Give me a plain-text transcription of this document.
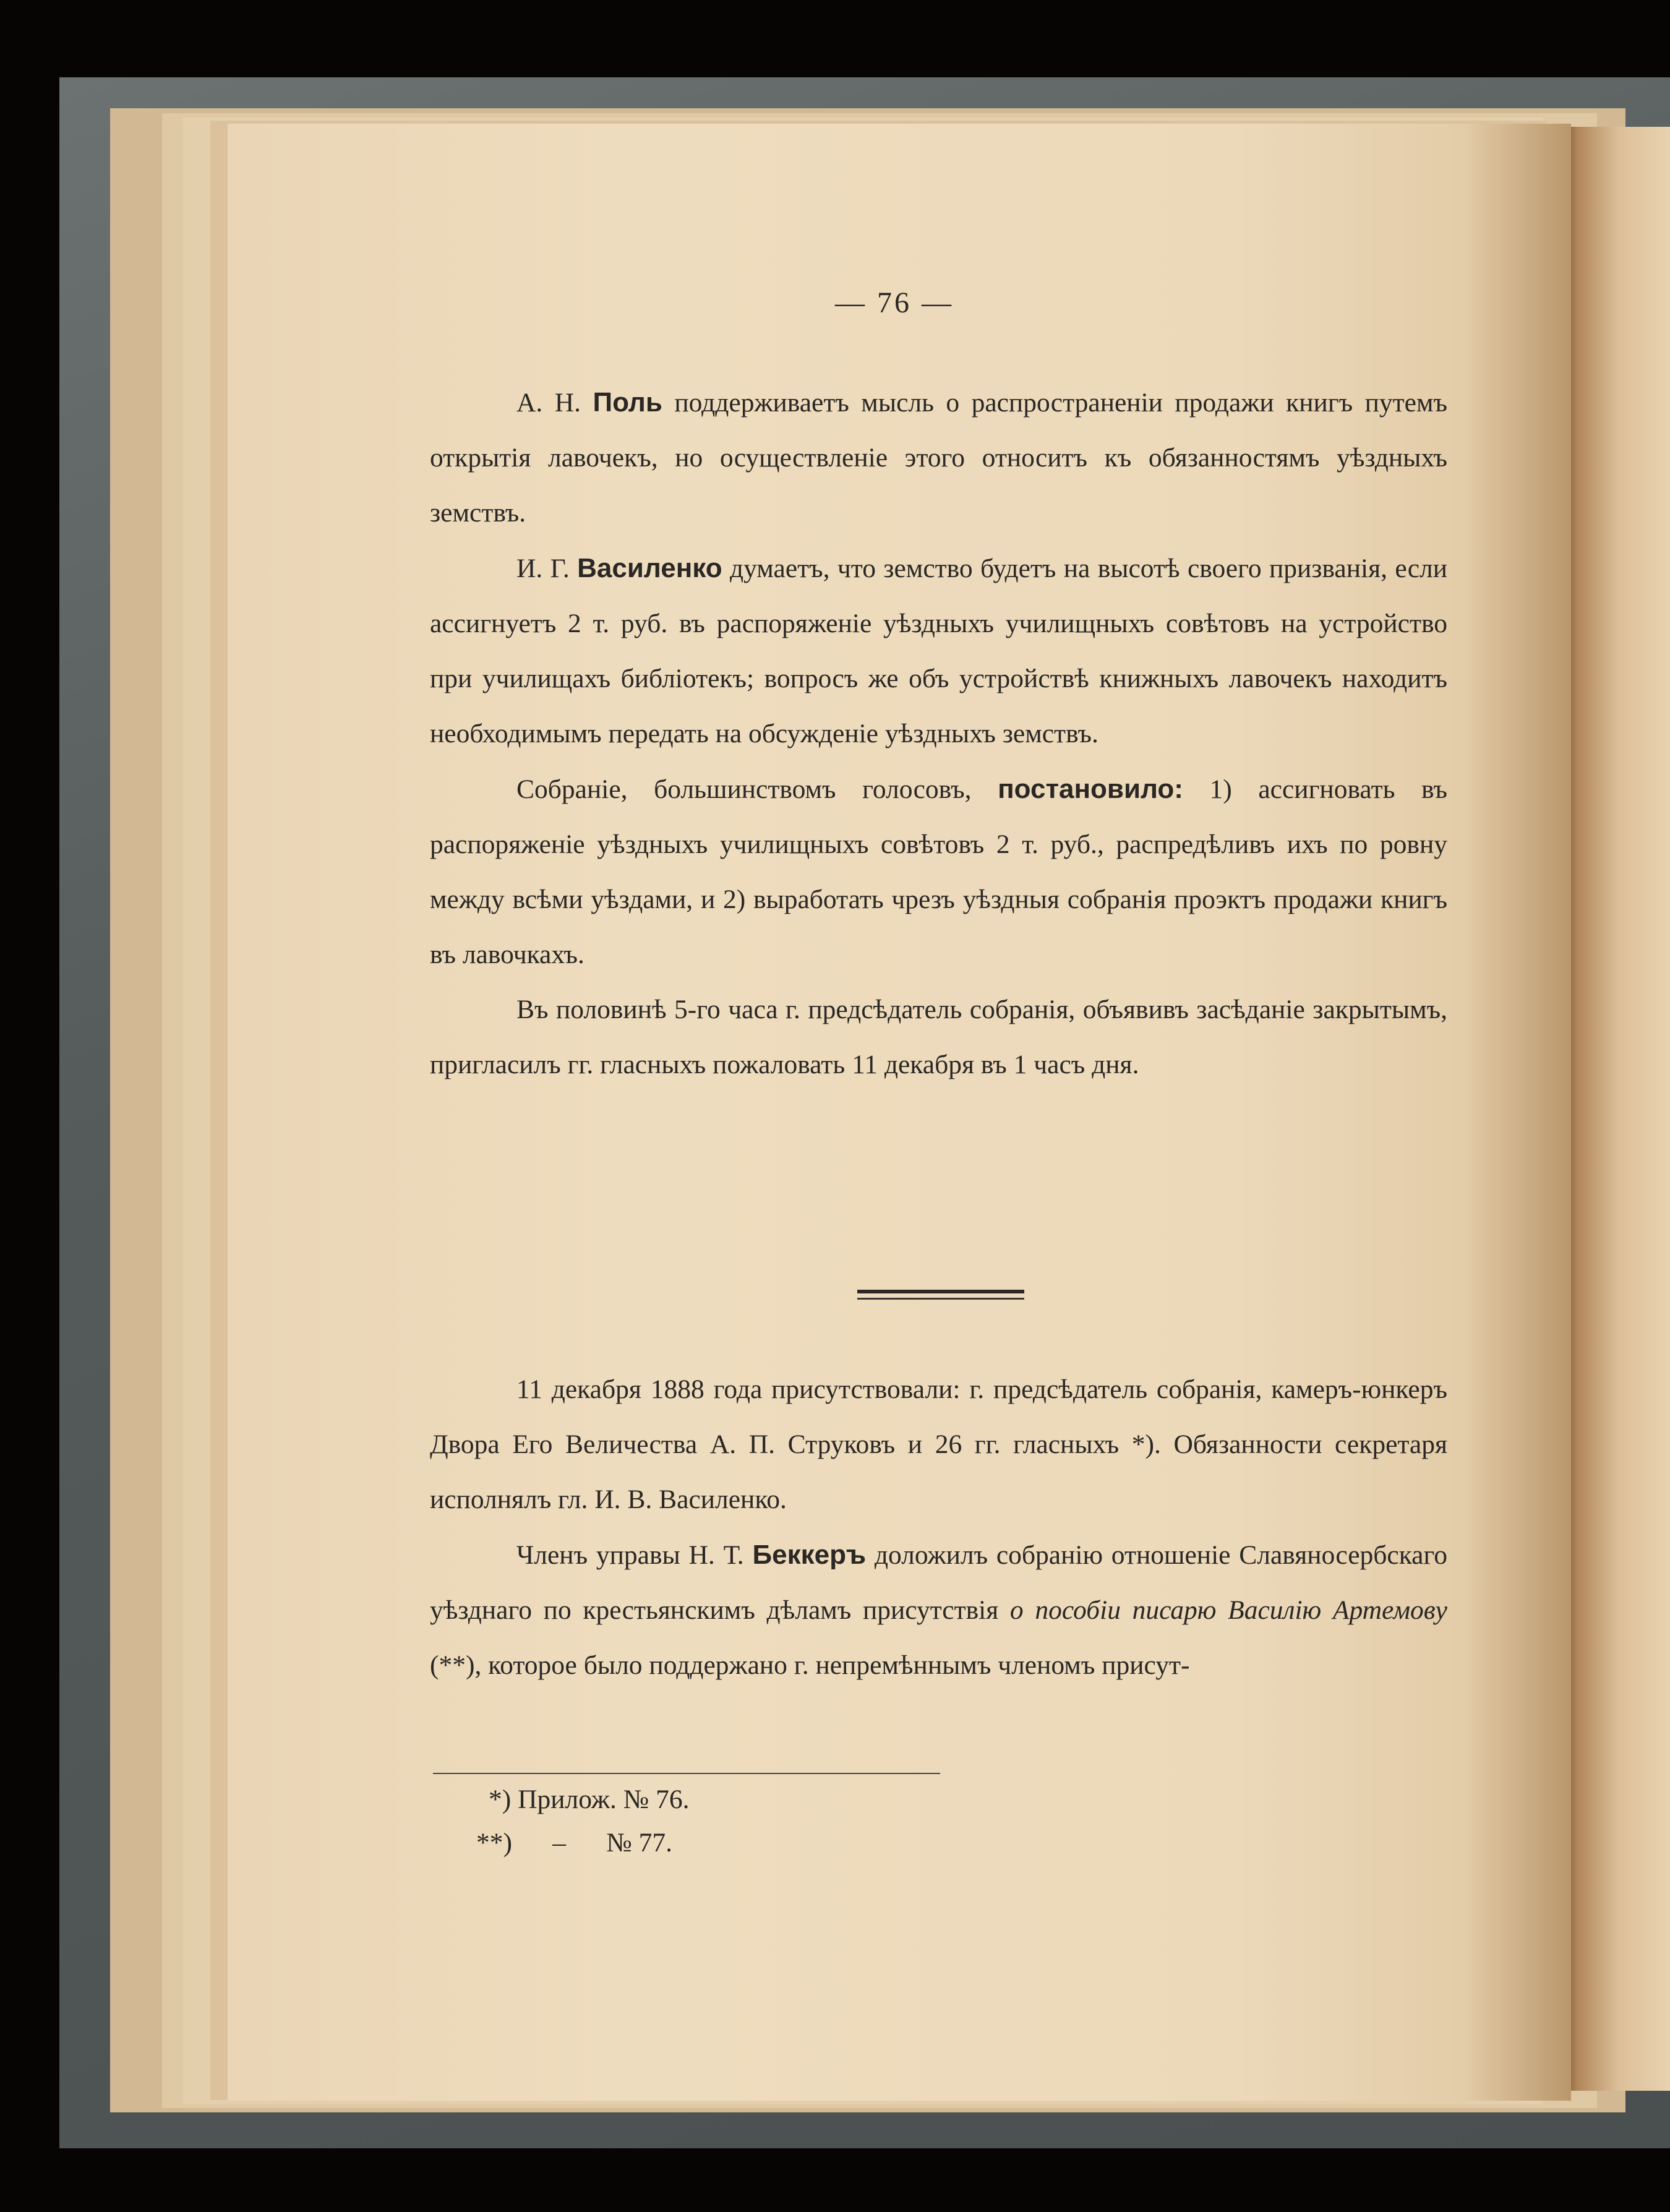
— 76 —

А. Н. Поль поддерживаетъ мысль о распространеніи продажи книгъ путемъ открытія лавочекъ, но осуществленіе этого относитъ къ обязанностямъ уѣздныхъ земствъ.

И. Г. Василенко думаетъ, что земство будетъ на высотѣ своего призванія, если ассигнуетъ 2 т. руб. въ распоряженіе уѣздныхъ училищныхъ совѣтовъ на устройство при училищахъ библіотекъ; вопросъ же объ устройствѣ книжныхъ лавочекъ находитъ необходимымъ передать на обсужденіе уѣздныхъ земствъ.

Собраніе, большинствомъ голосовъ, постановило: 1) ассигновать въ распоряженіе уѣздныхъ училищныхъ совѣтовъ 2 т. руб., распредѣливъ ихъ по ровну между всѣми уѣздами, и 2) выработать чрезъ уѣздныя собранія проэктъ продажи книгъ въ лавочкахъ.

Въ половинѣ 5-го часа г. предсѣдатель собранія, объявивъ засѣданіе закрытымъ, пригласилъ гг. гласныхъ пожаловать 11 декабря въ 1 часъ дня.

11 декабря 1888 года присутствовали: г. предсѣдатель собранія, камеръ-юнкеръ Двора Его Величества А. П. Струковъ и 26 гг. гласныхъ *). Обязанности секретаря исполнялъ гл. И. В. Василенко.

Членъ управы Н. Т. Беккеръ доложилъ собранію отношеніе Славяносербскаго уѣзднаго по крестьянскимъ дѣламъ присутствія о пособіи писарю Василію Артемову (**), которое было поддержано г. непремѣннымъ членомъ присут-

*) Прилож. № 76.
**)      –      № 77.
